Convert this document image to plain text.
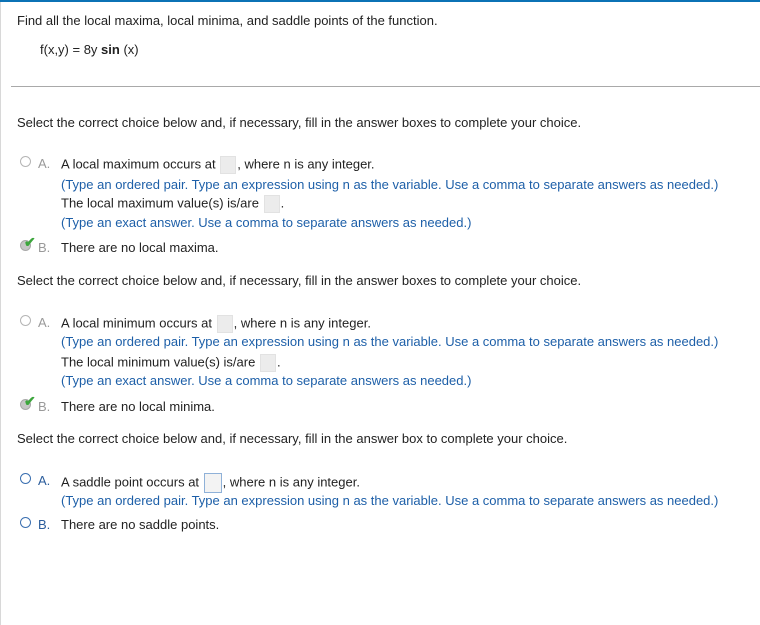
Find all the local maxima, local minima, and saddle points of the function.
f(x,y) = 8y sin (x)
Select the correct choice below and, if necessary, fill in the answer boxes to complete your choice.
A. A local maximum occurs at , where n is any integer.
(Type an ordered pair. Type an expression using n as the variable. Use a comma to separate answers as needed.)
The local maximum value(s) is/are .
(Type an exact answer. Use a comma to separate answers as needed.)
✔ B. There are no local maxima.
Select the correct choice below and, if necessary, fill in the answer boxes to complete your choice.
A. A local minimum occurs at , where n is any integer.
(Type an ordered pair. Type an expression using n as the variable. Use a comma to separate answers as needed.)
The local minimum value(s) is/are .
(Type an exact answer. Use a comma to separate answers as needed.)
✔ B. There are no local minima.
Select the correct choice below and, if necessary, fill in the answer box to complete your choice.
A. A saddle point occurs at , where n is any integer.
(Type an ordered pair. Type an expression using n as the variable. Use a comma to separate answers as needed.)
B. There are no saddle points.
